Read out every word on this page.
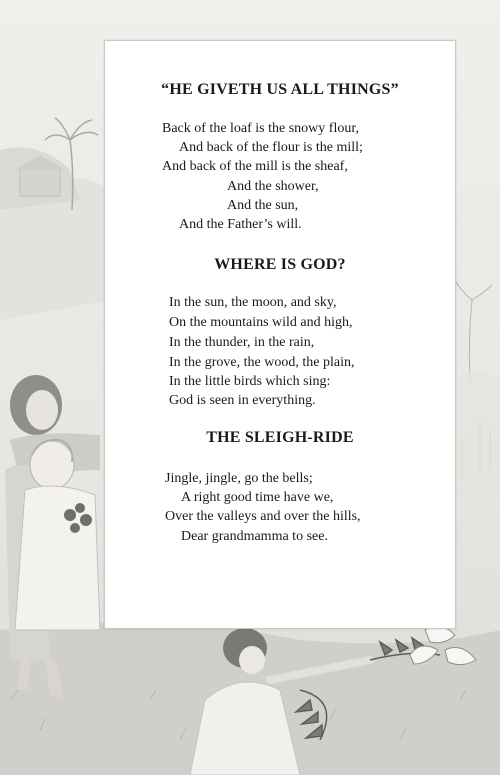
“HE GIVETH US ALL THINGS”

Back of the loaf is the snowy flour,

And back of the flour is the mill;

And back of the mill is the sheaf,

And the shower,

And the sun,

And the Father’s will.

WHERE IS GOD?

In the sun, the moon, and sky,

On the mountains wild and high,

In the thunder, in the rain,

In the grove, the wood, the plain,

In the little birds which sing:

God is seen in everything.

THE SLEIGH-RIDE

Jingle, jingle, go the bells;

A right good time have we,

Over the valleys and over the hills,

Dear grandmamma to see.
